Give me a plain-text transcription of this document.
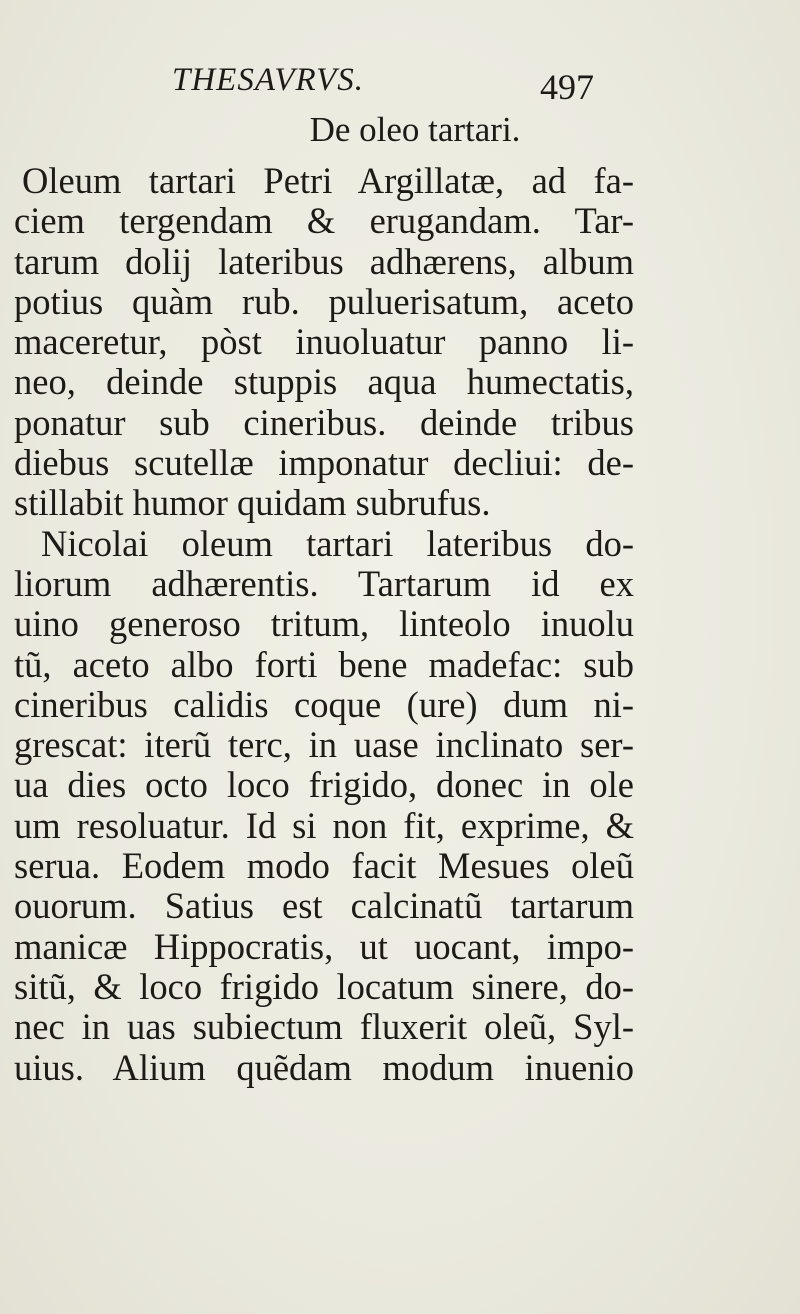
THESAVRVS.	497
De oleo tartari.
Oleum tartari Petri Argillatæ, ad fa-
ciem tergendam & erugandam. Tar-
tarum dolij lateribus adhærens, album
potius quàm rub. puluerisatum, aceto
maceretur, pòst inuoluatur panno li-
neo, deinde stuppis aqua humectatis,
ponatur sub cineribus. deinde tribus
diebus scutellæ imponatur decliui: de-
stillabit humor quidam subrufus.
Nicolai oleum tartari lateribus do-
liorum adhærentis. Tartarum id ex
uino generoso tritum, linteolo inuolu
tũ, aceto albo forti bene madefac: sub
cineribus calidis coque (ure) dum ni-
grescat: iterũ terc, in uase inclinato ser-
ua dies octo loco frigido, donec in ole
um resoluatur. Id si non fit, exprime, &
serua. Eodem modo facit Mesues oleũ
ouorum. Satius est calcinatũ tartarum
manicæ Hippocratis, ut uocant, impo-
sitũ, & loco frigido locatum sinere, do-
nec in uas subiectum fluxerit oleũ, Syl-
uius. Alium quẽdam modum inuenio
